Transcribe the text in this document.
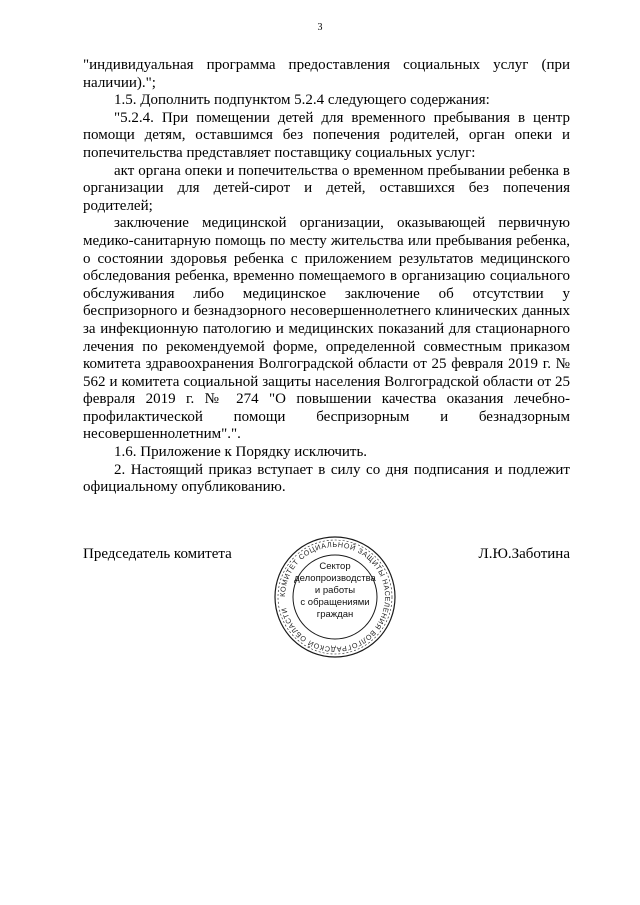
3

"индивидуальная программа предоставления социальных услуг (при наличии).";

1.5. Дополнить подпунктом 5.2.4 следующего содержания:

"5.2.4. При помещении детей для временного пребывания в центр помощи детям, оставшимся без попечения родителей, орган опеки и попечительства представляет поставщику социальных услуг:

акт органа опеки и попечительства о временном пребывании ребенка в организации для детей-сирот и детей, оставшихся без попечения родителей;

заключение медицинской организации, оказывающей первичную медико-санитарную помощь по месту жительства или пребывания ребенка, о состоянии здоровья ребенка с приложением результатов медицинского обследования ребенка, временно помещаемого в организацию социального обслуживания либо медицинское заключение об отсутствии у беспризорного и безнадзорного несовершеннолетнего клинических данных за инфекционную патологию и медицинских показаний для стационарного лечения по рекомендуемой форме, определенной совместным приказом комитета здравоохранения Волгоградской области от 25 февраля 2019 г. № 562 и комитета социальной защиты населения Волгоградской области от 25 февраля 2019 г. № 274 "О повышении качества оказания лечебно-профилактической помощи беспризорным и безнадзорным несовершеннолетним".".

1.6. Приложение к Порядку исключить.

2. Настоящий приказ вступает в силу со дня подписания и подлежит официальному опубликованию.

Председатель комитета
КОМИТЕТ СОЦИАЛЬНОЙ ЗАЩИТЫ НАСЕЛЕНИЯ ВОЛГОГРАДСКОЙ ОБЛАСТИ
Сектор
делопроизводства
и работы
с обращениями
граждан
Л.Ю.Заботина
